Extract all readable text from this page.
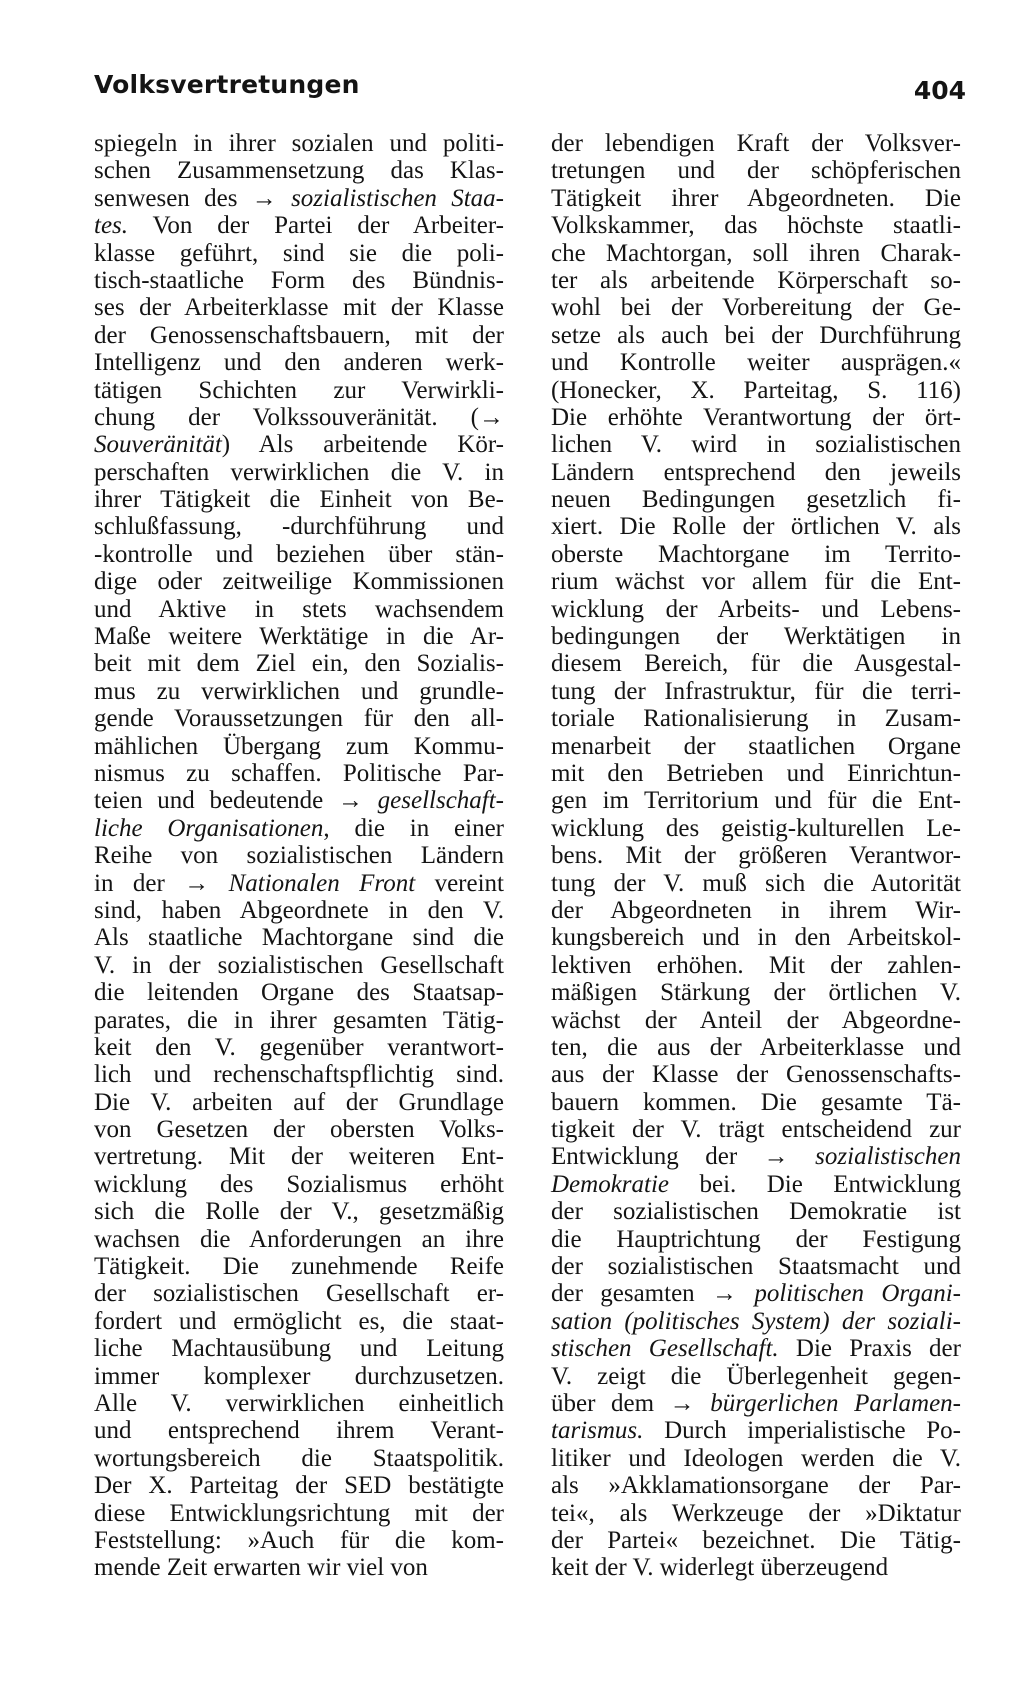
Volksvertretungen	404
spiegeln in ihrer sozialen und politi-
schen Zusammensetzung das Klas-
senwesen des → sozialistischen Staa-
tes. Von der Partei der Arbeiter-
klasse geführt, sind sie die poli-
tisch-staatliche Form des Bündnis-
ses der Arbeiterklasse mit der Klasse
der Genossenschaftsbauern, mit der
Intelligenz und den anderen werk-
tätigen Schichten zur Verwirkli-
chung der Volkssouveränität. (→
Souveränität) Als arbeitende Kör-
perschaften verwirklichen die V. in
ihrer Tätigkeit die Einheit von Be-
schlußfassung, -durchführung und
-kontrolle und beziehen über stän-
dige oder zeitweilige Kommissionen
und Aktive in stets wachsendem
Maße weitere Werktätige in die Ar-
beit mit dem Ziel ein, den Sozialis-
mus zu verwirklichen und grundle-
gende Voraussetzungen für den all-
mählichen Übergang zum Kommu-
nismus zu schaffen. Politische Par-
teien und bedeutende → gesellschaft-
liche Organisationen, die in einer
Reihe von sozialistischen Ländern
in der → Nationalen Front vereint
sind, haben Abgeordnete in den V.
Als staatliche Machtorgane sind die
V. in der sozialistischen Gesellschaft
die leitenden Organe des Staatsap-
parates, die in ihrer gesamten Tätig-
keit den V. gegenüber verantwort-
lich und rechenschaftspflichtig sind.
Die V. arbeiten auf der Grundlage
von Gesetzen der obersten Volks-
vertretung. Mit der weiteren Ent-
wicklung des Sozialismus erhöht
sich die Rolle der V., gesetzmäßig
wachsen die Anforderungen an ihre
Tätigkeit. Die zunehmende Reife
der sozialistischen Gesellschaft er-
fordert und ermöglicht es, die staat-
liche Machtausübung und Leitung
immer komplexer durchzusetzen.
Alle V. verwirklichen einheitlich
und entsprechend ihrem Verant-
wortungsbereich die Staatspolitik.
Der X. Parteitag der SED bestätigte
diese Entwicklungsrichtung mit der
Feststellung: »Auch für die kom-
mende Zeit erwarten wir viel von
der lebendigen Kraft der Volksver-
tretungen und der schöpferischen
Tätigkeit ihrer Abgeordneten. Die
Volkskammer, das höchste staatli-
che Machtorgan, soll ihren Charak-
ter als arbeitende Körperschaft so-
wohl bei der Vorbereitung der Ge-
setze als auch bei der Durchführung
und Kontrolle weiter ausprägen.«
(Honecker, X. Parteitag, S. 116)
Die erhöhte Verantwortung der ört-
lichen V. wird in sozialistischen
Ländern entsprechend den jeweils
neuen Bedingungen gesetzlich fi-
xiert. Die Rolle der örtlichen V. als
oberste Machtorgane im Territo-
rium wächst vor allem für die Ent-
wicklung der Arbeits- und Lebens-
bedingungen der Werktätigen in
diesem Bereich, für die Ausgestal-
tung der Infrastruktur, für die terri-
toriale Rationalisierung in Zusam-
menarbeit der staatlichen Organe
mit den Betrieben und Einrichtun-
gen im Territorium und für die Ent-
wicklung des geistig-kulturellen Le-
bens. Mit der größeren Verantwor-
tung der V. muß sich die Autorität
der Abgeordneten in ihrem Wir-
kungsbereich und in den Arbeitskol-
lektiven erhöhen. Mit der zahlen-
mäßigen Stärkung der örtlichen V.
wächst der Anteil der Abgeordne-
ten, die aus der Arbeiterklasse und
aus der Klasse der Genossenschafts-
bauern kommen. Die gesamte Tä-
tigkeit der V. trägt entscheidend zur
Entwicklung der → sozialistischen
Demokratie bei. Die Entwicklung
der sozialistischen Demokratie ist
die Hauptrichtung der Festigung
der sozialistischen Staatsmacht und
der gesamten → politischen Organi-
sation (politisches System) der soziali-
stischen Gesellschaft. Die Praxis der
V. zeigt die Überlegenheit gegen-
über dem → bürgerlichen Parlamen-
tarismus. Durch imperialistische Po-
litiker und Ideologen werden die V.
als »Akklamationsorgane der Par-
tei«, als Werkzeuge der »Diktatur
der Partei« bezeichnet. Die Tätig-
keit der V. widerlegt überzeugend
